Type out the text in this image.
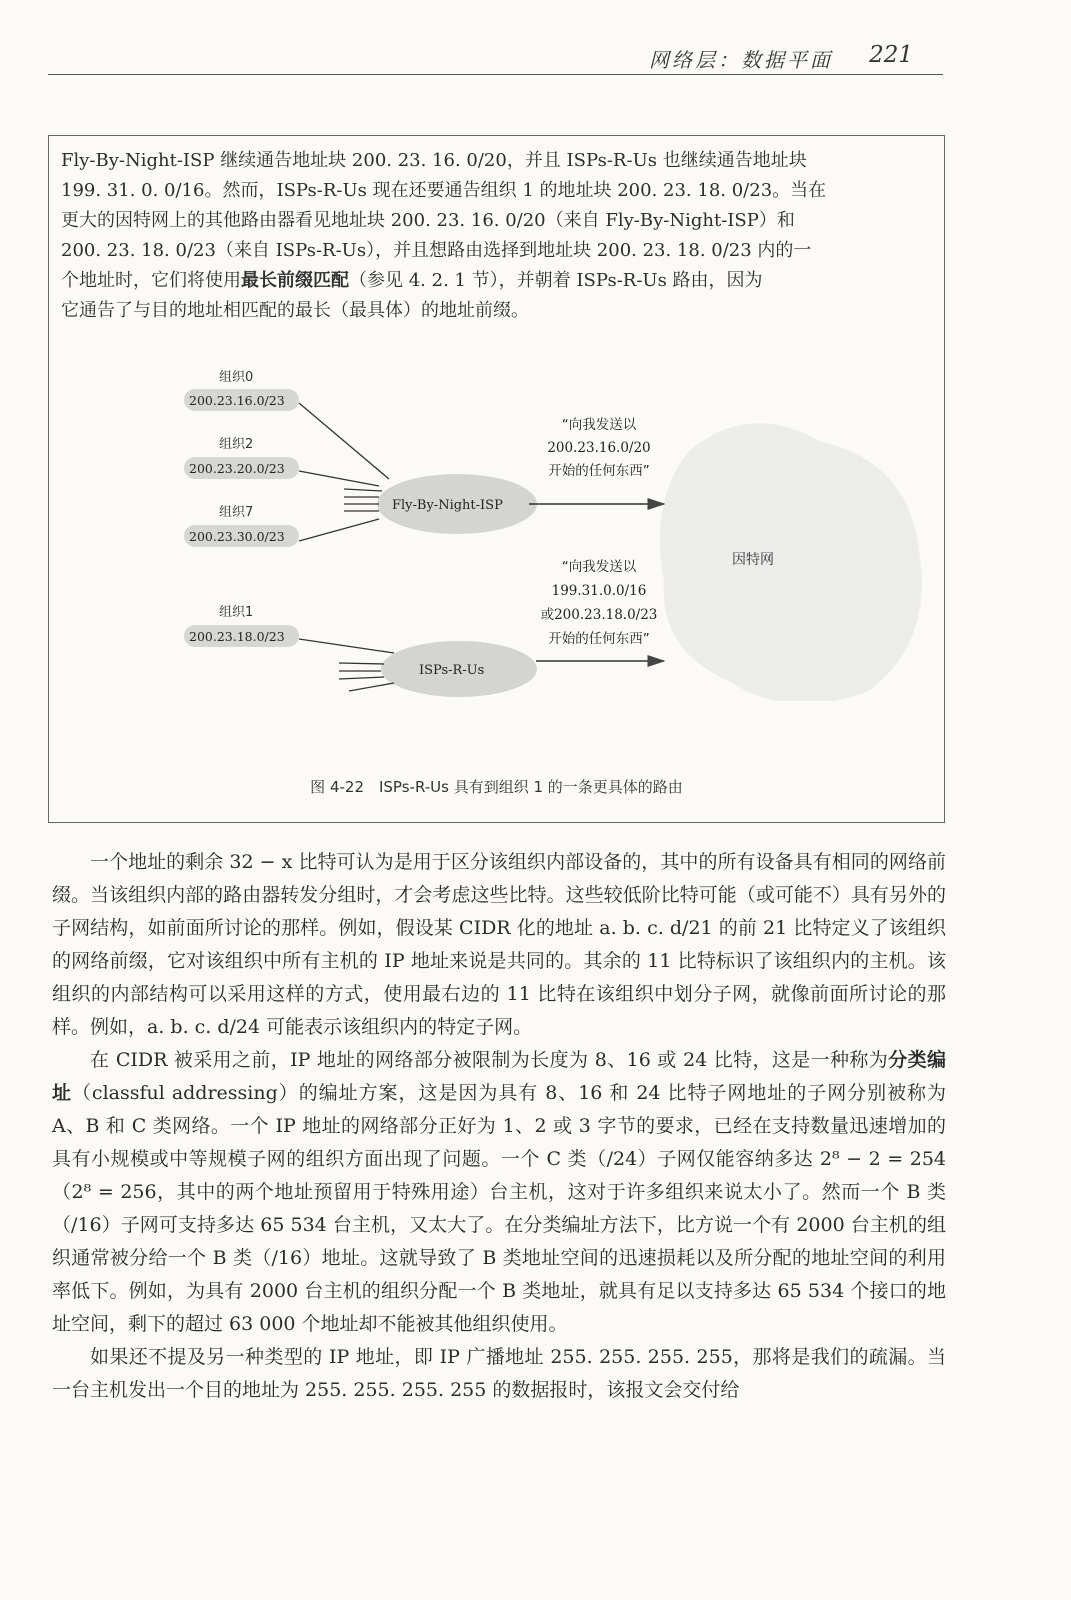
网络层：数据平面 221

Fly-By-Night-ISP 继续通告地址块 200. 23. 16. 0/20，并且 ISPs-R-Us 也继续通告地址块

199. 31. 0. 0/16。然而，ISPs-R-Us 现在还要通告组织 1 的地址块 200. 23. 18. 0/23。当在

更大的因特网上的其他路由器看见地址块 200. 23. 16. 0/20（来自 Fly-By-Night-ISP）和

200. 23. 18. 0/23（来自 ISPs-R-Us），并且想路由选择到地址块 200. 23. 18. 0/23 内的一

个地址时，它们将使用最长前缀匹配（参见 4. 2. 1 节），并朝着 ISPs-R-Us 路由，因为

它通告了与目的地址相匹配的最长（最具体）的地址前缀。

因特网
组织0
200.23.16.0/23
组织2
200.23.20.0/23
组织7
200.23.30.0/23
组织1
200.23.18.0/23
Fly-By-Night-ISP
ISPs-R-Us
“向我发送以
200.23.16.0/20
开始的任何东西”
“向我发送以
199.31.0.0/16
或200.23.18.0/23
开始的任何东西”
图 4-22　ISPs-R-Us 具有到组织 1 的一条更具体的路由

一个地址的剩余 32 − x 比特可认为是用于区分该组织内部设备的，其中的所有设备具有相同的网络前缀。当该组织内部的路由器转发分组时，才会考虑这些比特。这些较低阶比特可能（或可能不）具有另外的子网结构，如前面所讨论的那样。例如，假设某 CIDR 化的地址 a. b. c. d/21 的前 21 比特定义了该组织的网络前缀，它对该组织中所有主机的 IP 地址来说是共同的。其余的 11 比特标识了该组织内的主机。该组织的内部结构可以采用这样的方式，使用最右边的 11 比特在该组织中划分子网，就像前面所讨论的那样。例如，a. b. c. d/24 可能表示该组织内的特定子网。

在 CIDR 被采用之前，IP 地址的网络部分被限制为长度为 8、16 或 24 比特，这是一种称为分类编址（classful addressing）的编址方案，这是因为具有 8、16 和 24 比特子网地址的子网分别被称为 A、B 和 C 类网络。一个 IP 地址的网络部分正好为 1、2 或 3 字节的要求，已经在支持数量迅速增加的具有小规模或中等规模子网的组织方面出现了问题。一个 C 类（/24）子网仅能容纳多达 2⁸ − 2 = 254（2⁸ = 256，其中的两个地址预留用于特殊用途）台主机，这对于许多组织来说太小了。然而一个 B 类（/16）子网可支持多达 65 534 台主机，又太大了。在分类编址方法下，比方说一个有 2000 台主机的组织通常被分给一个 B 类（/16）地址。这就导致了 B 类地址空间的迅速损耗以及所分配的地址空间的利用率低下。例如，为具有 2000 台主机的组织分配一个 B 类地址，就具有足以支持多达 65 534 个接口的地址空间，剩下的超过 63 000 个地址却不能被其他组织使用。

如果还不提及另一种类型的 IP 地址，即 IP 广播地址 255. 255. 255. 255，那将是我们的疏漏。当一台主机发出一个目的地址为 255. 255. 255. 255 的数据报时，该报文会交付给
